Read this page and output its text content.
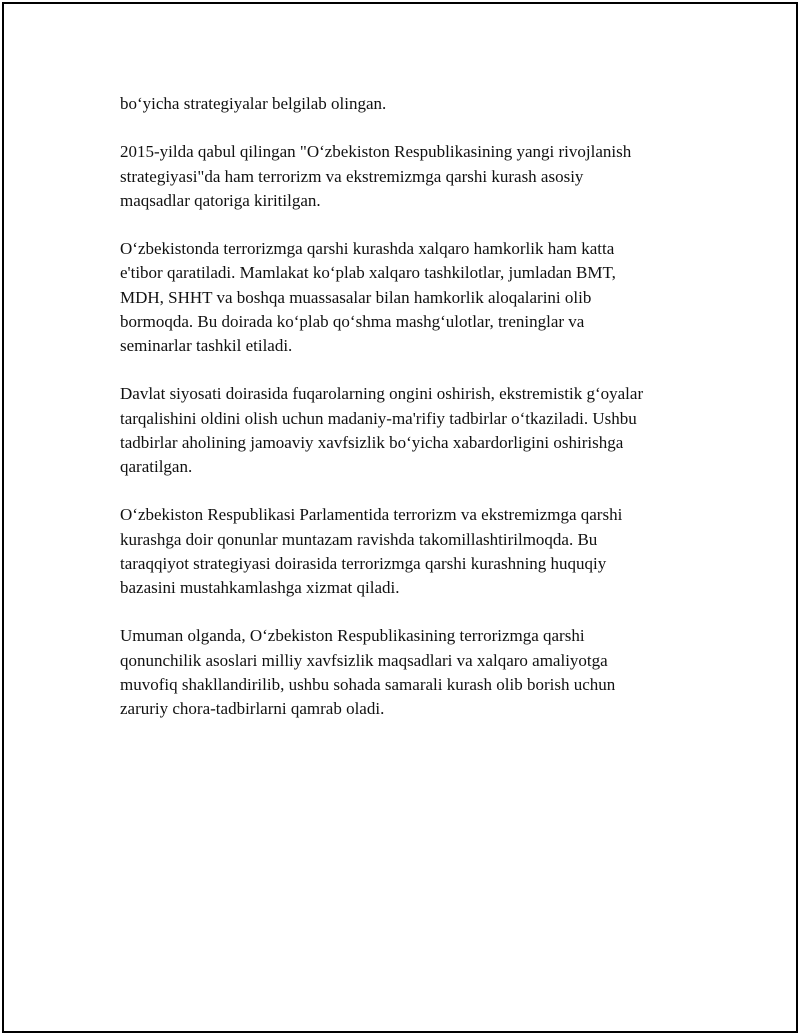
bo‘yicha strategiyalar belgilab olingan.

2015-yilda qabul qilingan "O‘zbekiston Respublikasining yangi rivojlanish
strategiyasi"da ham terrorizm va ekstremizmga qarshi kurash asosiy
maqsadlar qatoriga kiritilgan.

O‘zbekistonda terrorizmga qarshi kurashda xalqaro hamkorlik ham katta
e'tibor qaratiladi. Mamlakat ko‘plab xalqaro tashkilotlar, jumladan BMT,
MDH, SHHT va boshqa muassasalar bilan hamkorlik aloqalarini olib
bormoqda. Bu doirada ko‘plab qo‘shma mashg‘ulotlar, treninglar va
seminarlar tashkil etiladi.

Davlat siyosati doirasida fuqarolarning ongini oshirish, ekstremistik g‘oyalar
tarqalishini oldini olish uchun madaniy-ma'rifiy tadbirlar o‘tkaziladi. Ushbu
tadbirlar aholining jamoaviy xavfsizlik bo‘yicha xabardorligini oshirishga
qaratilgan.

O‘zbekiston Respublikasi Parlamentida terrorizm va ekstremizmga qarshi
kurashga doir qonunlar muntazam ravishda takomillashtirilmoqda. Bu
taraqqiyot strategiyasi doirasida terrorizmga qarshi kurashning huquqiy
bazasini mustahkamlashga xizmat qiladi.

Umuman olganda, O‘zbekiston Respublikasining terrorizmga qarshi
qonunchilik asoslari milliy xavfsizlik maqsadlari va xalqaro amaliyotga
muvofiq shakllandirilib, ushbu sohada samarali kurash olib borish uchun
zaruriy chora-tadbirlarni qamrab oladi.
